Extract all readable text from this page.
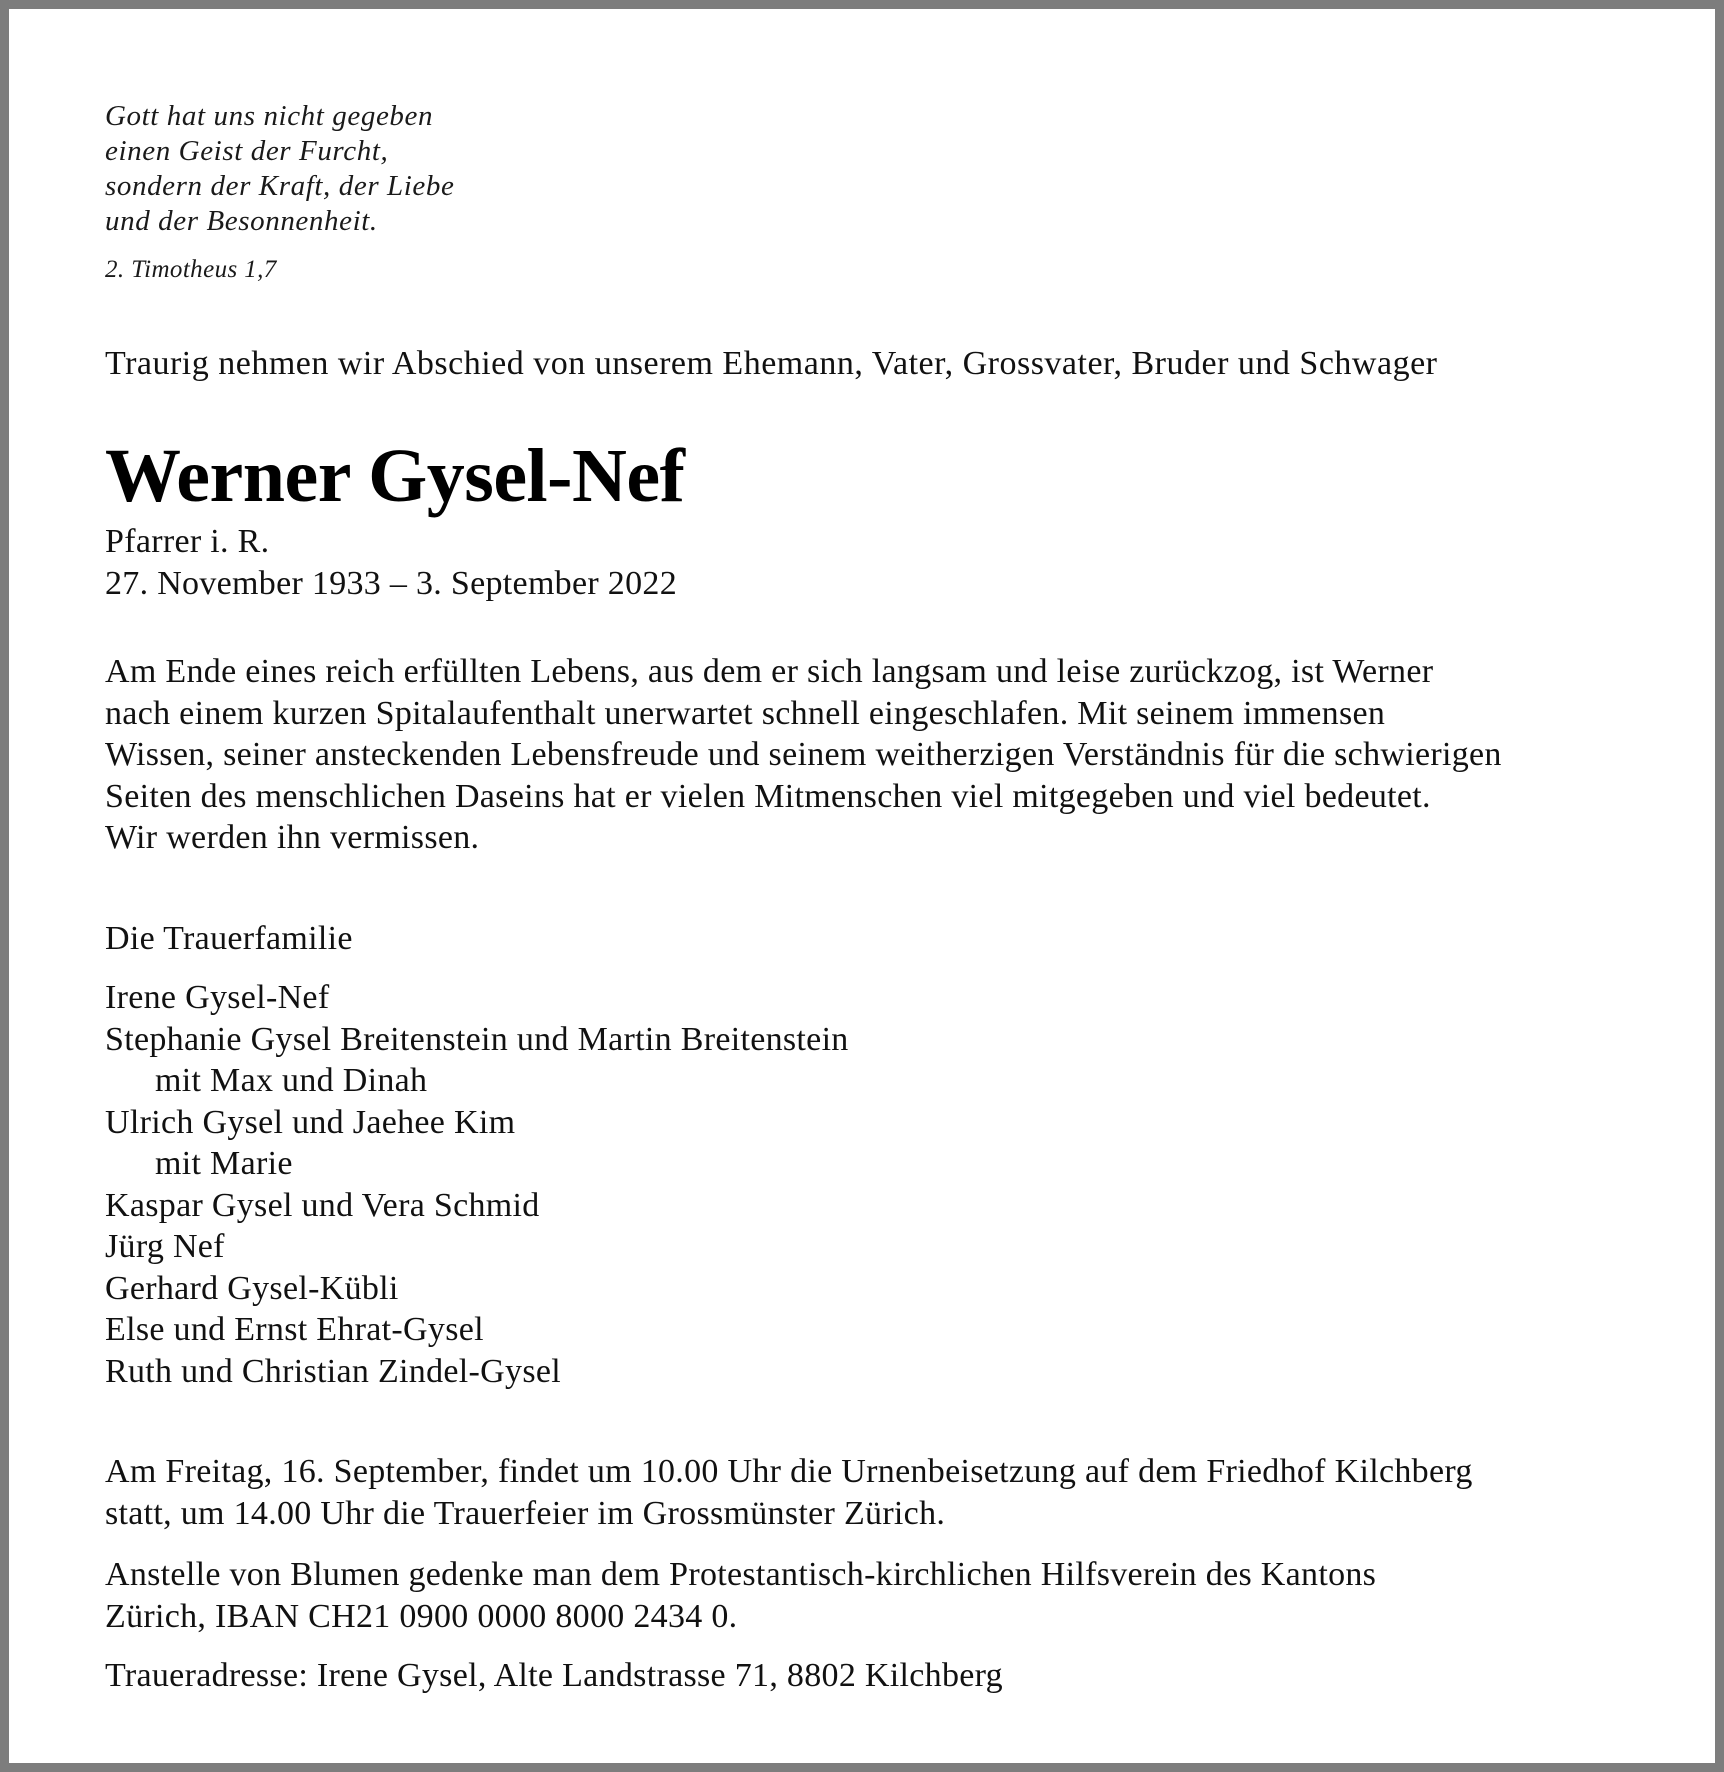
Gott hat uns nicht gegeben
einen Geist der Furcht,
sondern der Kraft, der Liebe
und der Besonnenheit.
2. Timotheus 1,7
Traurig nehmen wir Abschied von unserem Ehemann, Vater, Grossvater, Bruder und Schwager
Werner Gysel-Nef
Pfarrer i. R.
27. November 1933 – 3. September 2022
Am Ende eines reich erfüllten Lebens, aus dem er sich langsam und leise zurückzog, ist Werner
nach einem kurzen Spitalaufenthalt unerwartet schnell eingeschlafen. Mit seinem immensen
Wissen, seiner ansteckenden Lebensfreude und seinem weitherzigen Verständnis für die schwierigen
Seiten des menschlichen Daseins hat er vielen Mitmenschen viel mitgegeben und viel bedeutet.
Wir werden ihn vermissen.
Die Trauerfamilie
Irene Gysel-Nef
Stephanie Gysel Breitenstein und Martin Breitenstein
mit Max und Dinah
Ulrich Gysel und Jaehee Kim
mit Marie
Kaspar Gysel und Vera Schmid
Jürg Nef
Gerhard Gysel-Kübli
Else und Ernst Ehrat-Gysel
Ruth und Christian Zindel-Gysel
Am Freitag, 16. September, findet um 10.00 Uhr die Urnenbeisetzung auf dem Friedhof Kilchberg
statt, um 14.00 Uhr die Trauerfeier im Grossmünster Zürich.
Anstelle von Blumen gedenke man dem Protestantisch-kirchlichen Hilfsverein des Kantons
Zürich, IBAN CH21 0900 0000 8000 2434 0.
Traueradresse: Irene Gysel, Alte Landstrasse 71, 8802 Kilchberg
